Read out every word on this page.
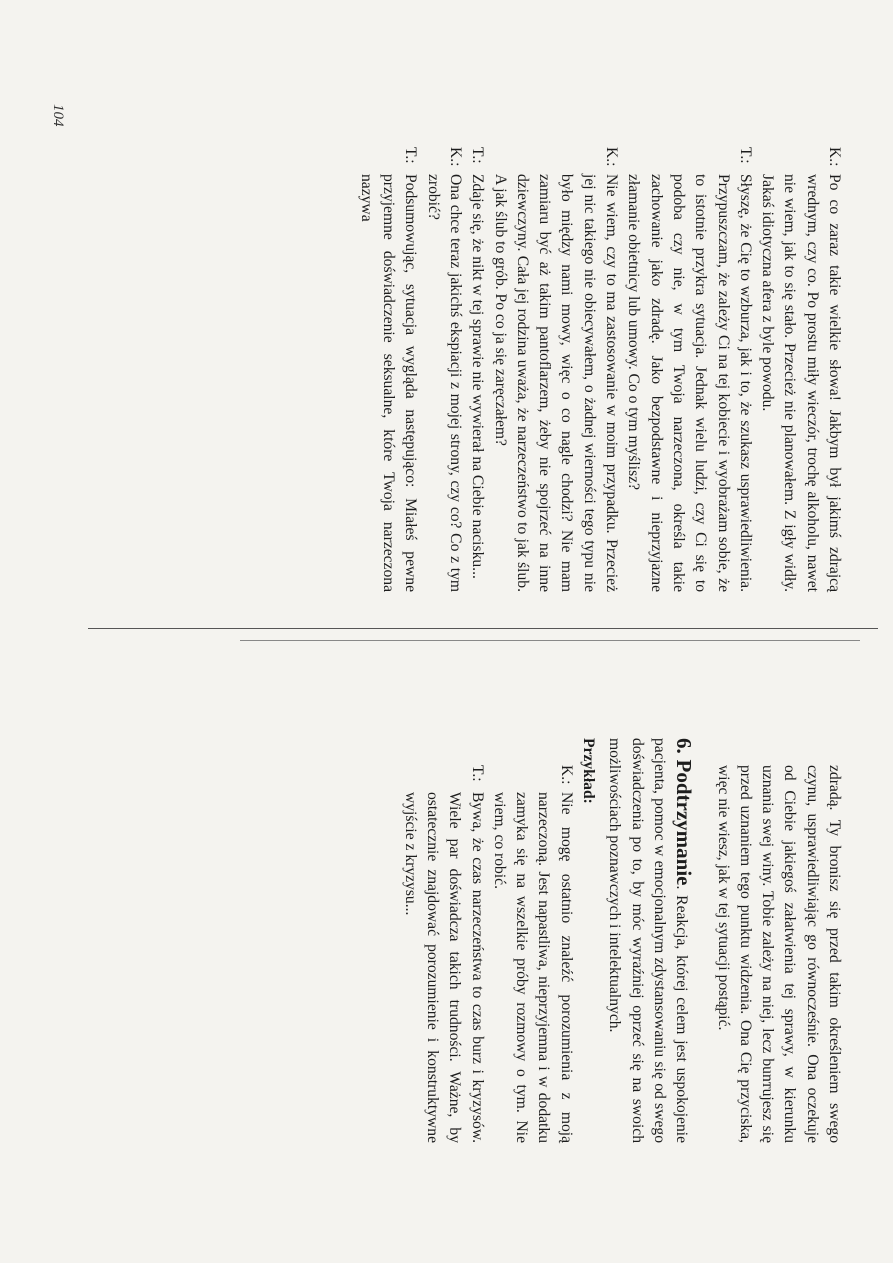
104
K.:
Po co zaraz takie wielkie słowa! Jakbym był jakimś zdrajcą wrednym, czy co. Po prostu miły wieczór, trochę alkoholu, nawet nie wiem, jak to się stało. Przecież nie planowałem. Z igły widły. Jakaś idiotyczna afera z byle powodu.
T.:
Słyszę, że Cię to wzburza, jak i to, że szukasz usprawiedliwienia. Przypuszczam, że zależy Ci na tej kobiecie i wyobrażam sobie, że to istotnie przykra sytuacja. Jednak wielu ludzi, czy Ci się to podoba czy nie, w tym Twoja narzeczona, określa takie zachowanie jako zdradę. Jako bezpodstawne i nieprzyjazne złamanie obietnicy lub umowy. Co o tym myślisz?
K.:
Nie wiem, czy to ma zastosowanie w moim przypadku. Przecież jej nic takiego nie obiecywałem, o żadnej wierności tego typu nie było między nami mowy, więc o co nagle chodzi? Nie mam zamiaru być aż takim pantoflarzem, żeby nie spojrzeć na inne dziewczyny. Cała jej rodzina uważa, że narzeczeństwo to jak ślub. A jak ślub to grób. Po co ja się zaręczałem?
T.:
Zdaje się, że nikt w tej sprawie nie wywierał na Ciebie nacisku...
K.:
Ona chce teraz jakichś ekspiacji z mojej strony, czy co? Co z tym zrobić?
T.:
Podsumowując, sytuacja wygląda następująco: Miałeś pewne przyjemne doświadczenie seksualne, które Twoja narzeczona nazywa
zdradą. Ty bronisz się przed takim określeniem swego czynu, usprawiedliwiając go równocześnie. Ona oczekuje od Ciebie jakiegoś załatwienia tej sprawy, w kierunku uznania swej winy. Tobie zależy na niej, lecz bunтujesz się przed uznaniem tego punktu widzenia. Ona Cię przyciska, więc nie wiesz, jak w tej sytuacji postąpić.
6. Podtrzymanie. Reakcja, której celem jest uspokojenie pacjenta, pomoc w emocjonalnym zdystansowaniu się od swego doświadczenia po to, by móc wyraźniej oprzeć się na swoich możliwościach poznawczych i intelektualnych.
Przykład:
K.:
Nie mogę ostatnio znaleźć porozumienia z moją narzeczoną. Jest napastliwa, nieprzyjemna i w dodatku zamyka się na wszelkie próby rozmowy o tym. Nie wiem, co robić.
T.:
Bywa, że czas narzeczeństwa to czas burz i kryzysów. Wiele par doświadcza takich trudności. Ważne, by ostatecznie znajdować porozumienie i konstruktywne wyjście z kryzysu...
